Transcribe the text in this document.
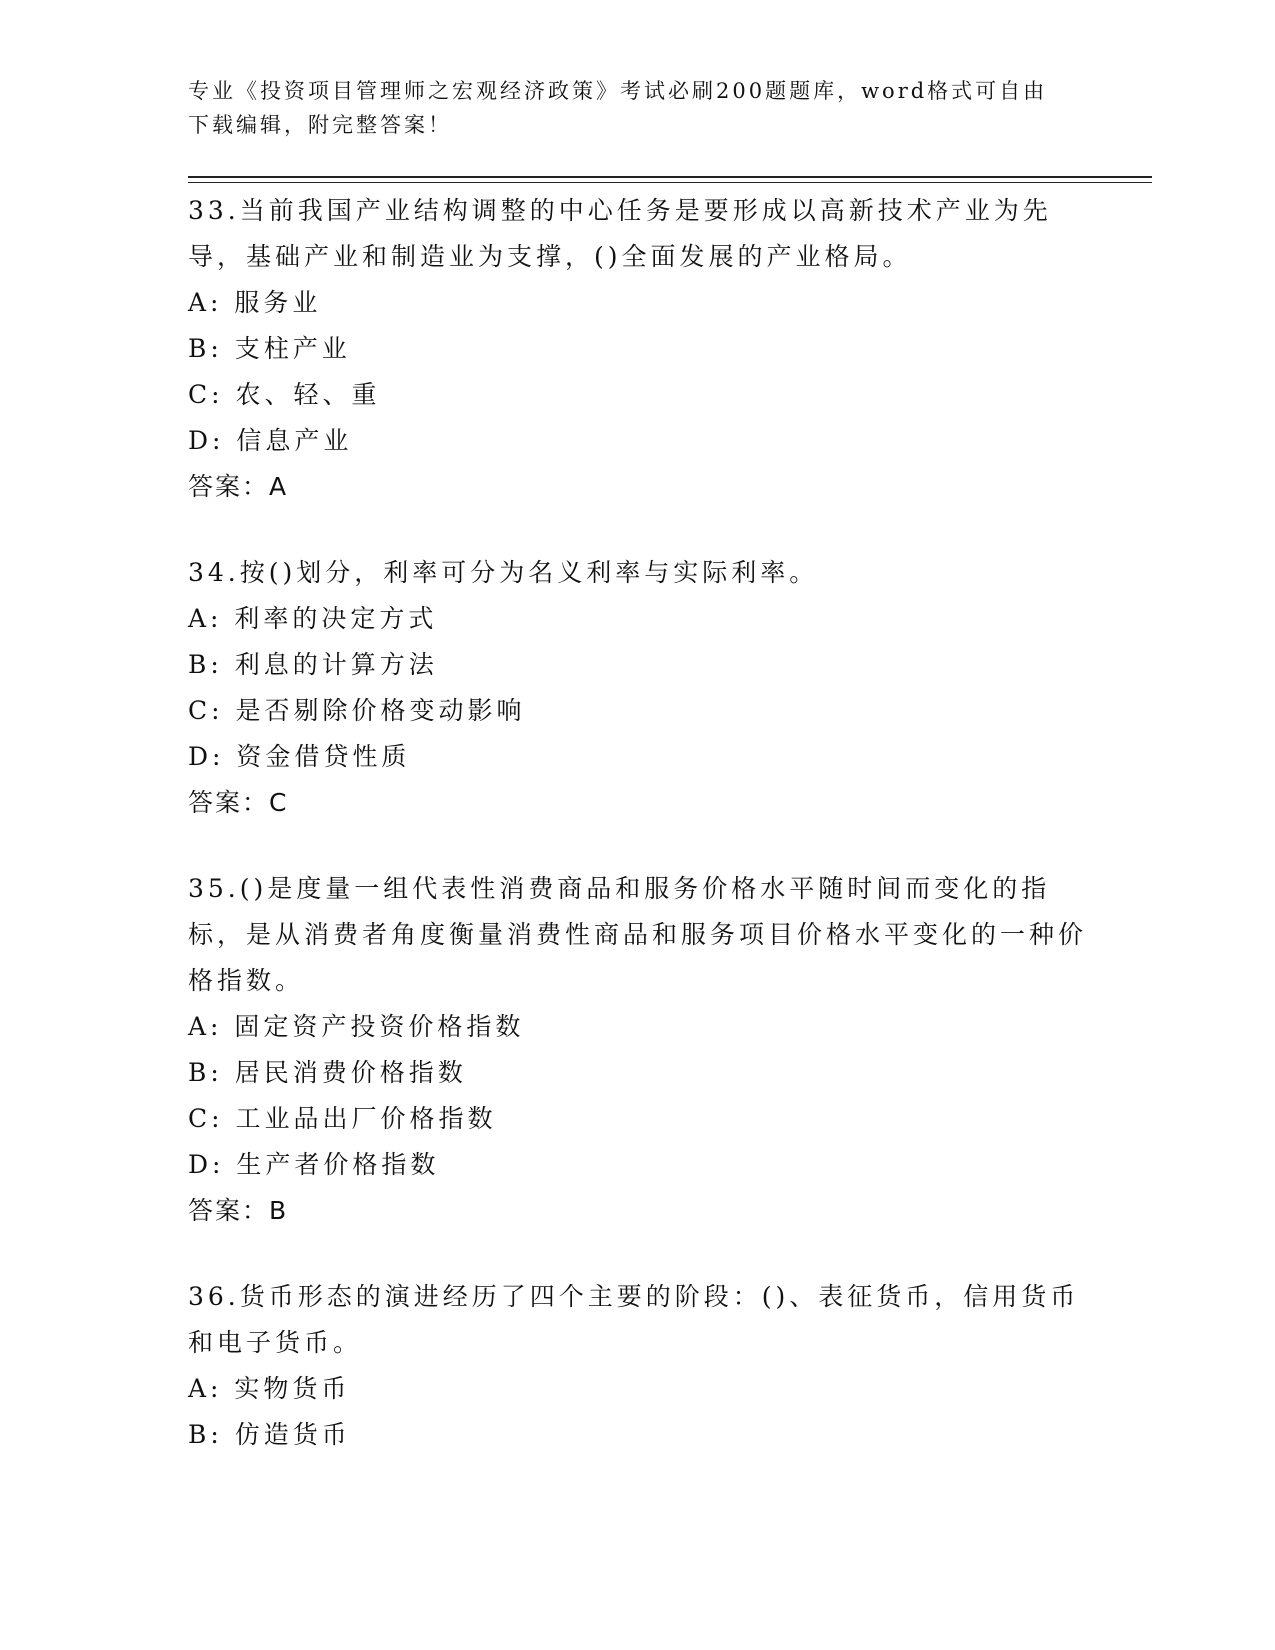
专业《投资项目管理师之宏观经济政策》考试必刷200题题库，word格式可自由下载编辑，附完整答案！
33.当前我国产业结构调整的中心任务是要形成以高新技术产业为先导，基础产业和制造业为支撑，()全面发展的产业格局。
A: 服务业
B: 支柱产业
C: 农、轻、重
D: 信息产业
答案：A
34.按()划分，利率可分为名义利率与实际利率。
A: 利率的决定方式
B: 利息的计算方法
C: 是否剔除价格变动影响
D: 资金借贷性质
答案：C
35.()是度量一组代表性消费商品和服务价格水平随时间而变化的指标，是从消费者角度衡量消费性商品和服务项目价格水平变化的一种价格指数。
A: 固定资产投资价格指数
B: 居民消费价格指数
C: 工业品出厂价格指数
D: 生产者价格指数
答案：B
36.货币形态的演进经历了四个主要的阶段：()、表征货币，信用货币和电子货币。
A: 实物货币
B: 仿造货币
